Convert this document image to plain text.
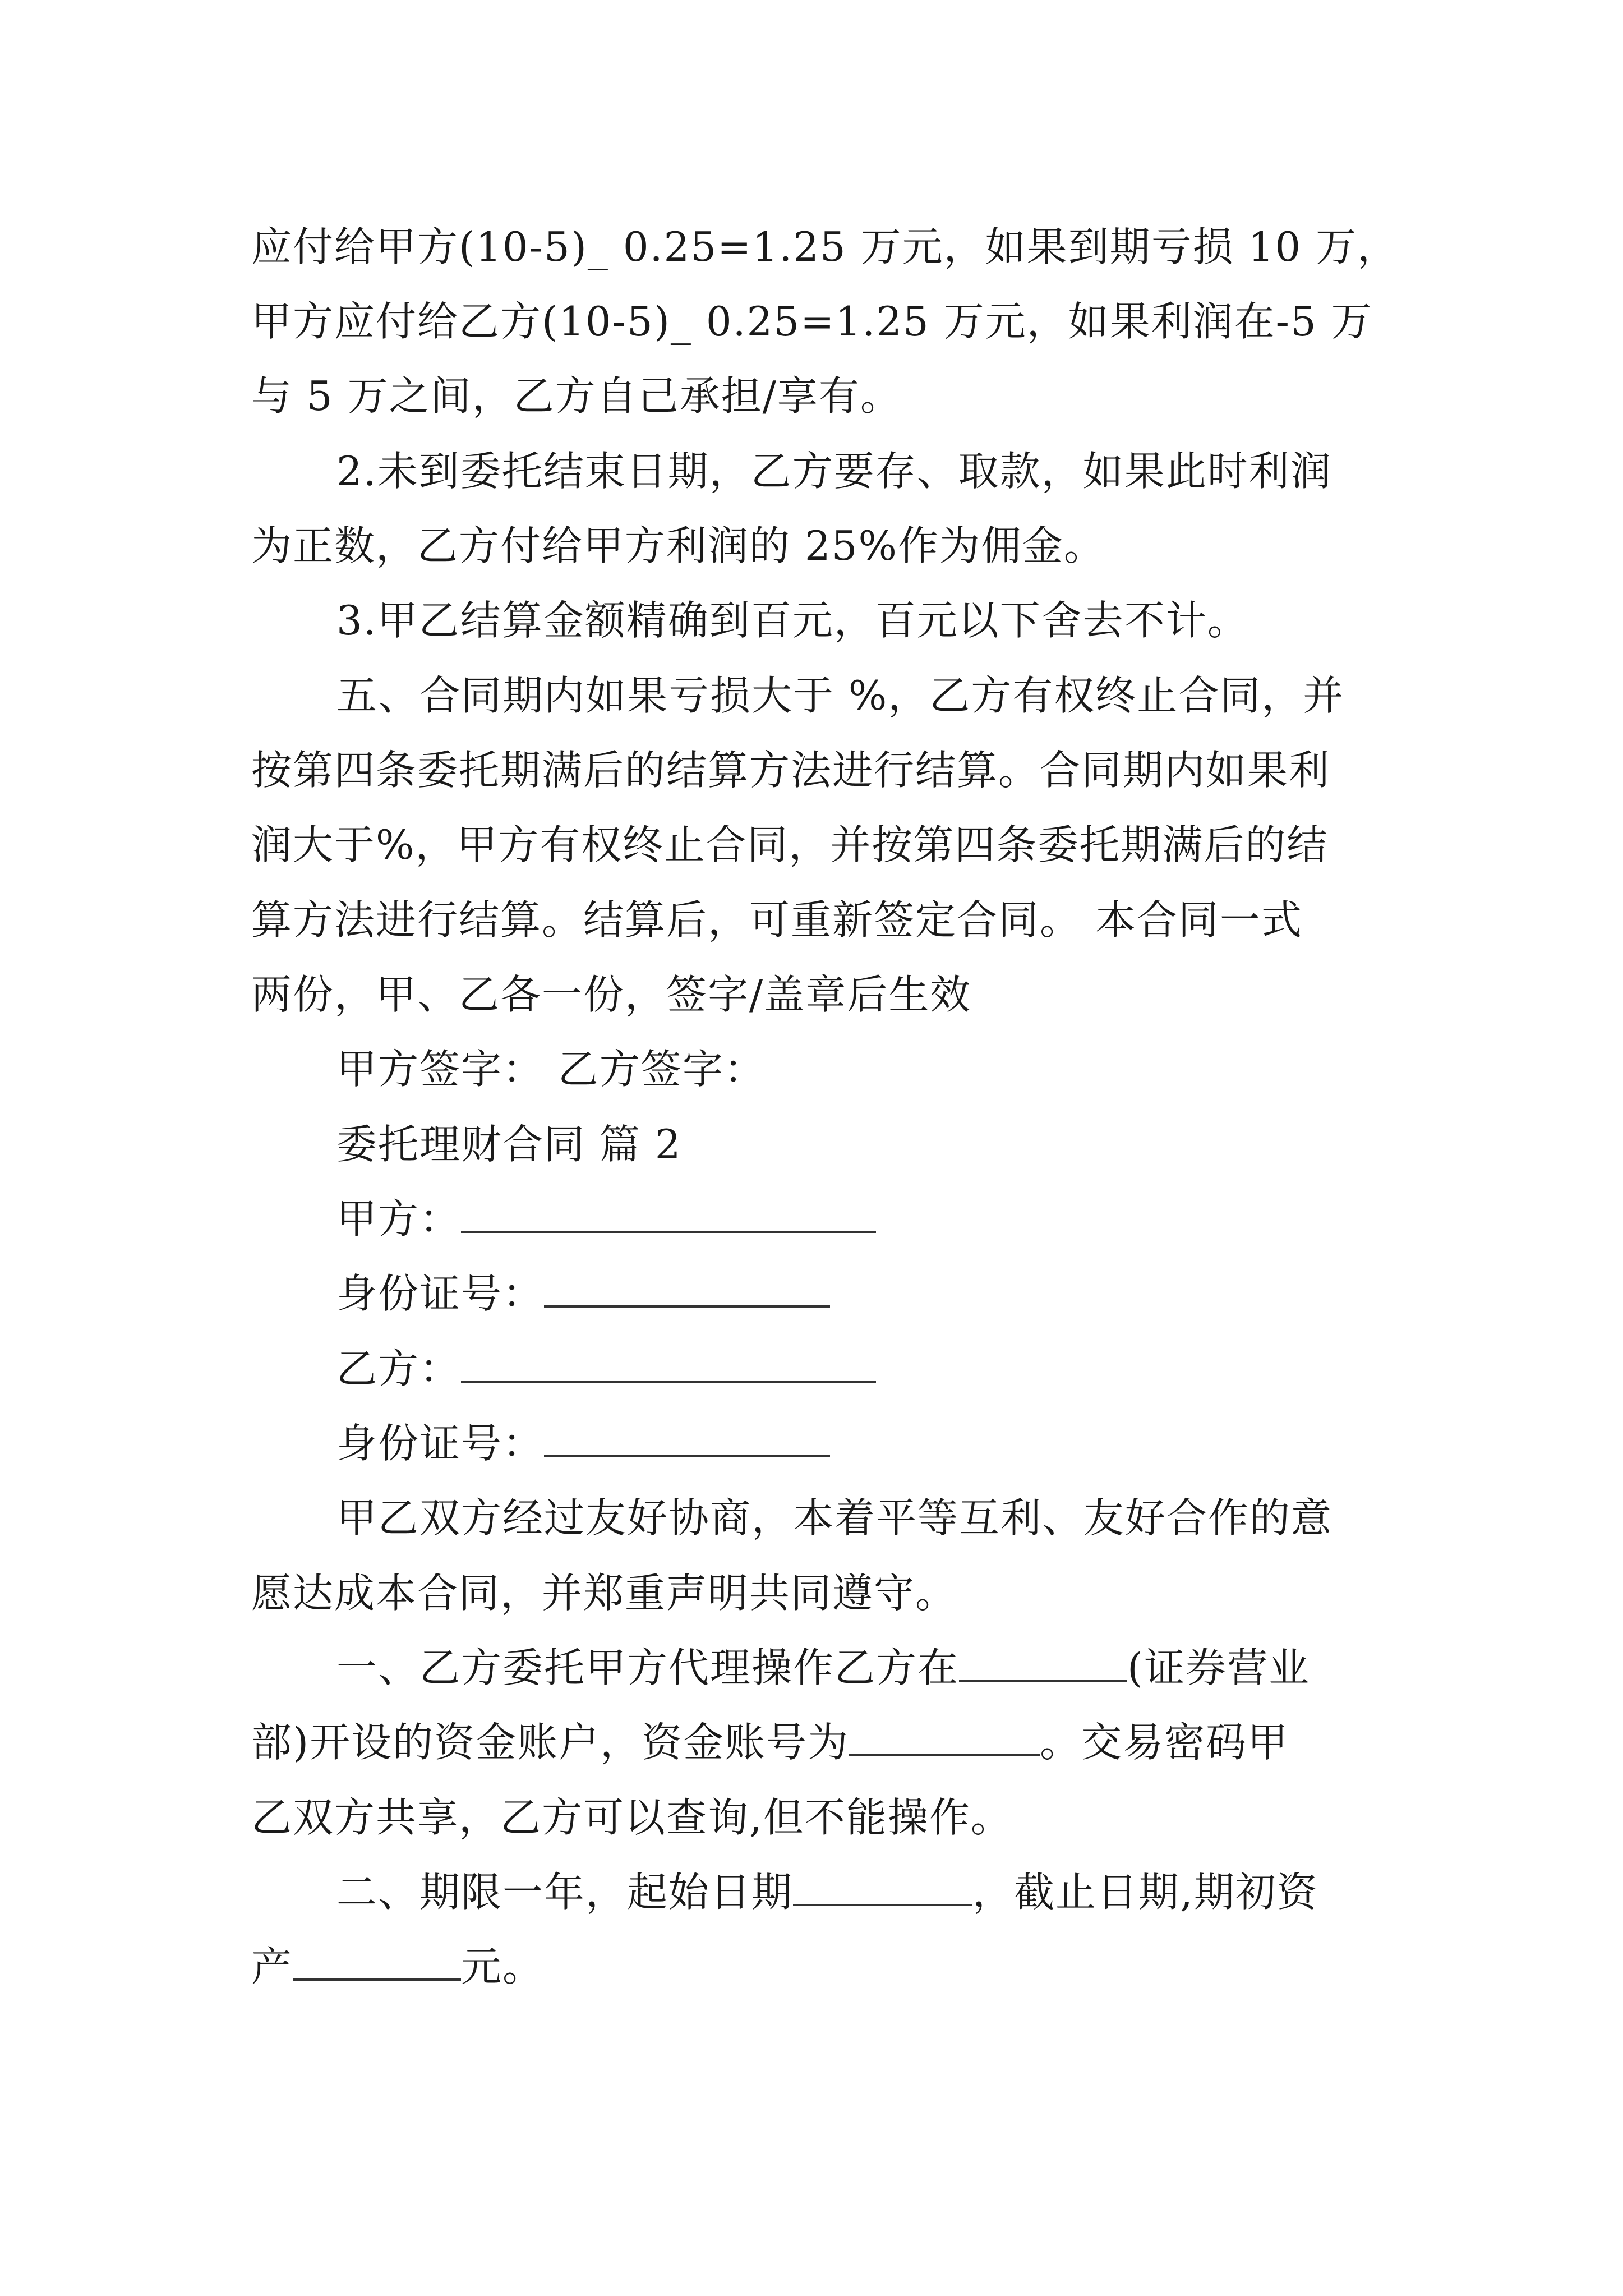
应付给甲方(10-5)_ 0.25=1.25 万元，如果到期亏损 10 万，
甲方应付给乙方(10-5)_ 0.25=1.25 万元，如果利润在-5 万
与 5 万之间，乙方自己承担/享有。
2.未到委托结束日期，乙方要存、取款，如果此时利润
为正数，乙方付给甲方利润的 25%作为佣金。
3.甲乙结算金额精确到百元，百元以下舍去不计。
五、合同期内如果亏损大于 %，乙方有权终止合同，并
按第四条委托期满后的结算方法进行结算。合同期内如果利
润大于%，甲方有权终止合同，并按第四条委托期满后的结
算方法进行结算。结算后，可重新签定合同。 本合同一式
两份，甲、乙各一份，签字/盖章后生效
甲方签字： 乙方签字：
委托理财合同 篇 2
甲方：
身份证号：
乙方：
身份证号：
甲乙双方经过友好协商，本着平等互利、友好合作的意
愿达成本合同，并郑重声明共同遵守。
一、乙方委托甲方代理操作乙方在	(证券营业
部)开设的资金账户，资金账号为	。交易密码甲
乙双方共享，乙方可以查询,但不能操作。
二、期限一年，起始日期	，截止日期,期初资
产	元。
